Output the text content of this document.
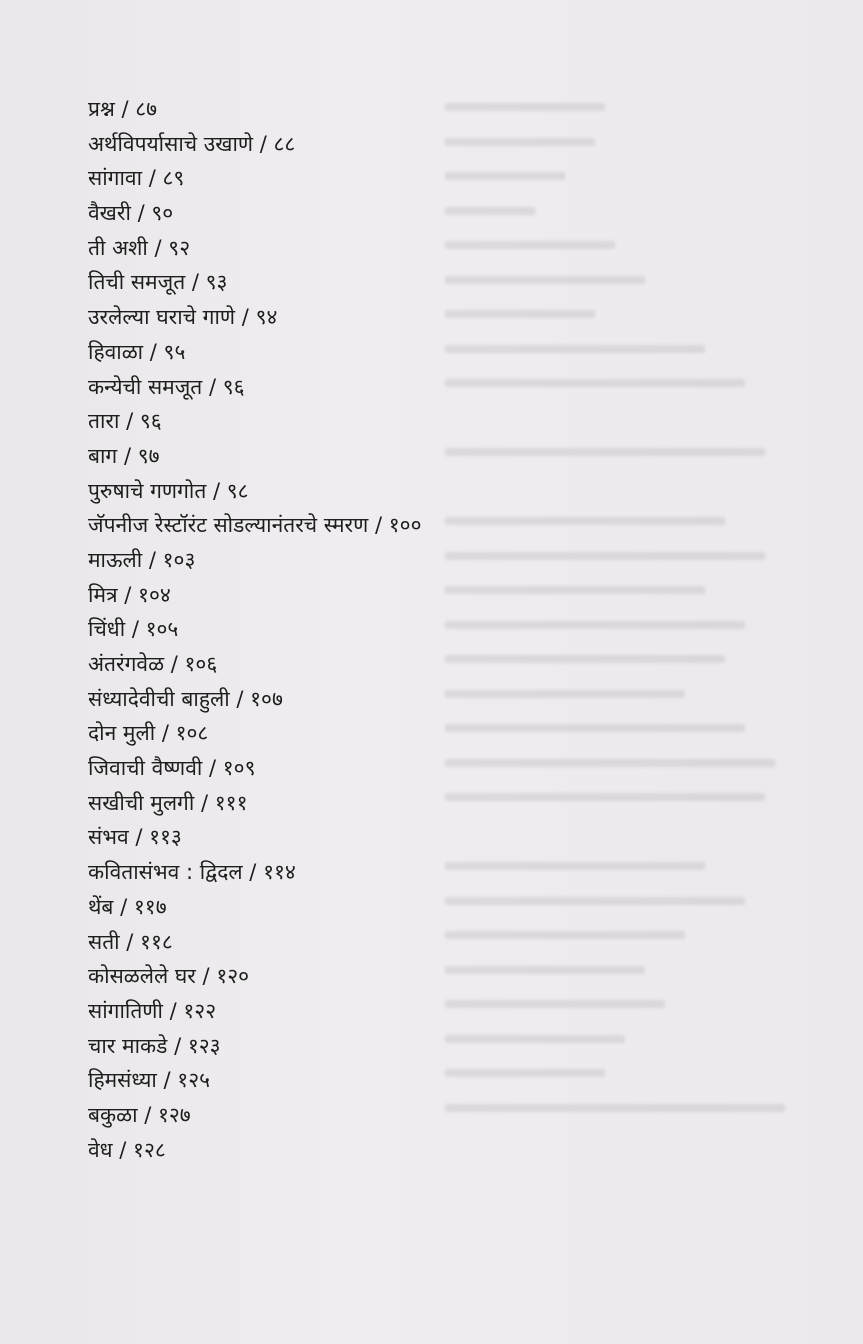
प्रश्न / ८७
अर्थविपर्यासाचे उखाणे / ८८
सांगावा / ८९
वैखरी / ९०
ती अशी / ९२
तिची समजूत / ९३
उरलेल्या घराचे गाणे / ९४
हिवाळा / ९५
कन्येची समजूत / ९६
तारा / ९६
बाग / ९७
पुरुषाचे गणगोत / ९८
जॅपनीज रेस्टॉरंट सोडल्यानंतरचे स्मरण / १००
माऊली / १०३
मित्र / १०४
चिंधी / १०५
अंतरंगवेळ / १०६
संध्यादेवीची बाहुली / १०७
दोन मुली / १०८
जिवाची वैष्णवी / १०९
सखीची मुलगी / १११
संभव / ११३
कवितासंभव : द्विदल / ११४
थेंब / ११७
सती / ११८
कोसळलेले घर / १२०
सांगातिणी / १२२
चार माकडे / १२३
हिमसंध्या / १२५
बकुळा / १२७
वेध / १२८
